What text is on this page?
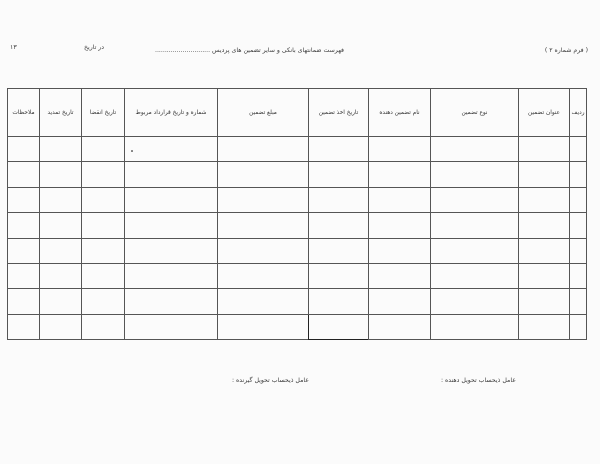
۱۳	در تاریخ	فهرست ضمانتهای بانکی و سایر تضمین های پردیس ............................	( فرم شماره ۲ )
ردیف	عنوان تضمین	نوع تضمین	نام تضمین دهنده	تاریخ اخذ تضمین	مبلغ تضمین	شماره و تاریخ قرارداد مربوط	تاریخ انقضا	تاریخ تمدید	ملاحظات

عامل ذیحساب تحویل دهنده :
عامل ذیحساب تحویل گیرنده :
